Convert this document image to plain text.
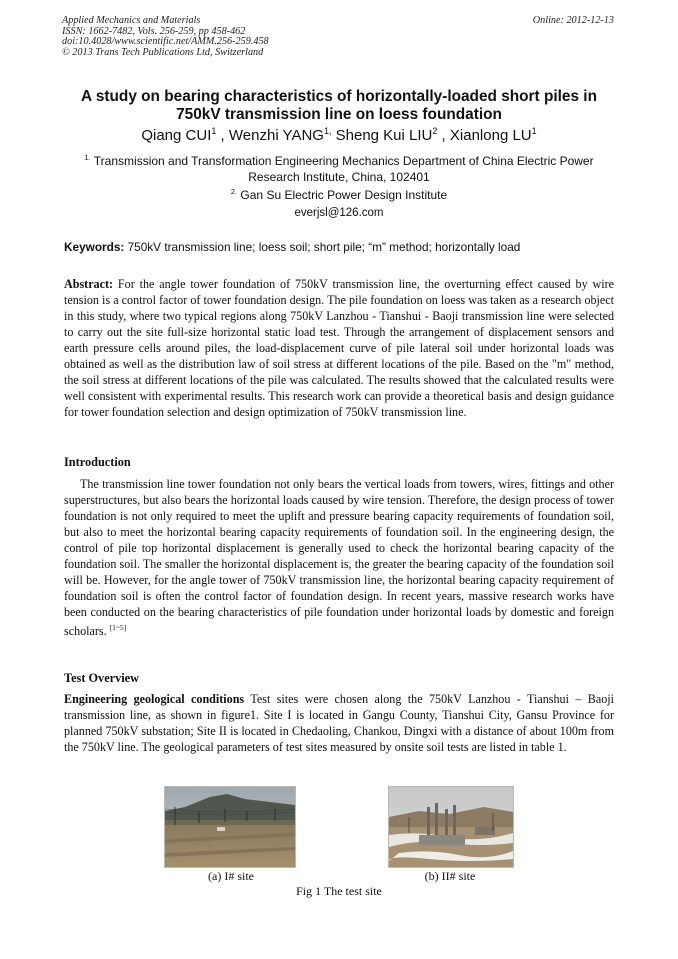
Applied Mechanics and Materials
ISSN: 1662-7482, Vols. 256-259, pp 458-462
doi:10.4028/www.scientific.net/AMM.256-259.458
© 2013 Trans Tech Publications Ltd, Switzerland
Online: 2012-12-13
A study on bearing characteristics of horizontally-loaded short piles in
750kV transmission line on loess foundation
Qiang CUI$^1$ , Wenzhi $YANG^{1,}$ Sheng Kui LIU$^2$ , Xianlong $LU^1$
$^{1.}$ Transmission and Transformation Engineering Mechanics Department of China Electric Power
Research Institute, China, 102401
$^{2.}$ Gan Su Electric Power Design Institute
everjsl@126.com
Keywords: 750kV transmission line; loess soil; short pile; “m” method; horizontally load

Abstract: For the angle tower foundation of 750kV transmission line, the overturning effect caused by wire tension is a control factor of tower foundation design. The pile foundation on loess was taken as a research object in this study, where two typical regions along 750kV Lanzhou - Tianshui - Baoji transmission line were selected to carry out the site full-size horizontal static load test. Through the arrangement of displacement sensors and earth pressure cells around piles, the load-displacement curve of pile lateral soil under horizontal loads was obtained as well as the distribution law of soil stress at different locations of the pile. Based on the "m" method, the soil stress at different locations of the pile was calculated. The results showed that the calculated results were well consistent with experimental results. This research work can provide a theoretical basis and design guidance for tower foundation selection and design optimization of 750kV transmission line.

Introduction

The transmission line tower foundation not only bears the vertical loads from towers, wires, fittings and other superstructures, but also bears the horizontal loads caused by wire tension. Therefore, the design process of tower foundation is not only required to meet the uplift and pressure bearing capacity requirements of foundation soil, but also to meet the horizontal bearing capacity requirements of foundation soil. In the engineering design, the control of pile top horizontal displacement is generally used to check the horizontal bearing capacity of the foundation soil. The smaller the horizontal displacement is, the greater the bearing capacity of the foundation soil will be. However, for the angle tower of 750kV transmission line, the horizontal bearing capacity requirement of foundation soil is often the control factor of foundation design. In recent years, massive research works have been conducted on the bearing characteristics of pile foundation under horizontal loads by domestic and foreign scholars. [1~5]

Test Overview

Engineering geological conditions Test sites were chosen along the 750kV Lanzhou - Tianshui – Baoji transmission line, as shown in figure1. Site I is located in Gangu County, Tianshui City, Gansu Province for planned 750kV substation; Site II is located in Chedaoling, Chankou, Dingxi with a distance of about 100m from the 750kV line. The geological parameters of test sites measured by onsite soil tests are listed in table 1.

(a) I# site	(b) II# site
Fig 1 The test site
